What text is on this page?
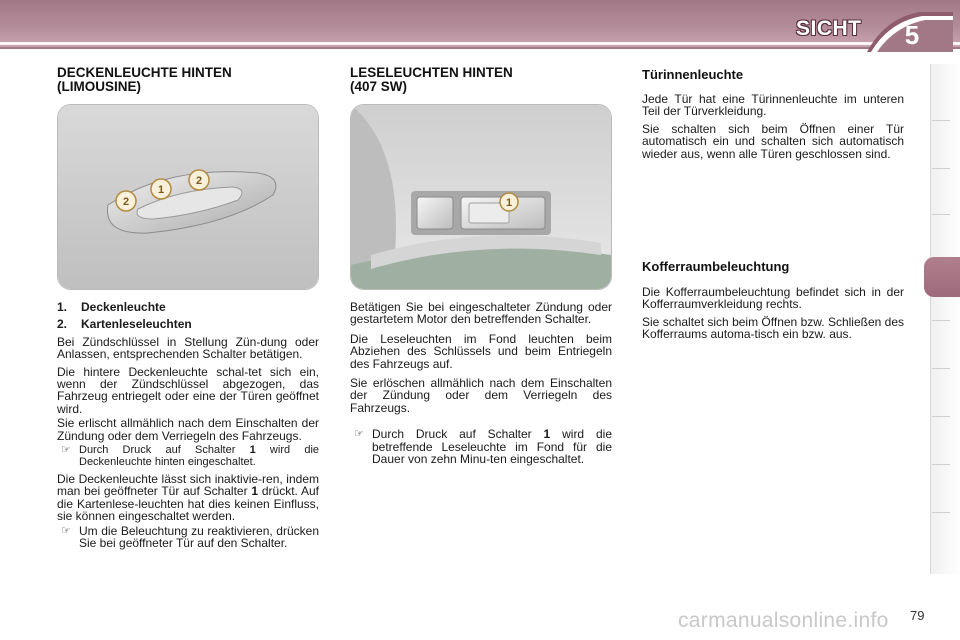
SICHT	5
DECKENLEUCHTE HINTEN
(LIMOUSINE)
2
1
2
1. Deckenleuchte
2. Kartenleseleuchten

Bei Zündschlüssel in Stellung Zün-dung oder Anlassen, entsprechenden Schalter betätigen.

Die hintere Deckenleuchte schal-tet sich ein, wenn der Zündschlüssel abgezogen, das Fahrzeug entriegelt oder eine der Türen geöffnet wird.

Sie erlischt allmählich nach dem Einschalten der Zündung oder dem Verriegeln des Fahrzeugs.

☞ Durch Druck auf Schalter 1 wird die Deckenleuchte hinten eingeschaltet.

Die Deckenleuchte lässt sich inaktivie-ren, indem man bei geöffneter Tür auf Schalter 1 drückt. Auf die Kartenlese-leuchten hat dies keinen Einfluss, sie können eingeschaltet werden.

☞ Um die Beleuchtung zu reaktivieren, drücken Sie bei geöffneter Tür auf den Schalter.
LESELEUCHTEN HINTEN
(407 SW)
1

Betätigen Sie bei eingeschalteter Zündung oder gestartetem Motor den betreffenden Schalter.

Die Leseleuchten im Fond leuchten beim Abziehen des Schlüssels und beim Entriegeln des Fahrzeugs auf.

Sie erlöschen allmählich nach dem Einschalten der Zündung oder dem Verriegeln des Fahrzeugs.

☞ Durch Druck auf Schalter 1 wird die betreffende Leseleuchte im Fond für die Dauer von zehn Minu-ten eingeschaltet.
Türinnenleuchte

Jede Tür hat eine Türinnenleuchte im unteren Teil der Türverkleidung.

Sie schalten sich beim Öffnen einer Tür automatisch ein und schalten sich automatisch wieder aus, wenn alle Türen geschlossen sind.

Kofferraumbeleuchtung

Die Kofferraumbeleuchtung befindet sich in der Kofferraumverkleidung rechts.

Sie schaltet sich beim Öffnen bzw. Schließen des Kofferraums automa-tisch ein bzw. aus.

carmanualsonline.info 79
